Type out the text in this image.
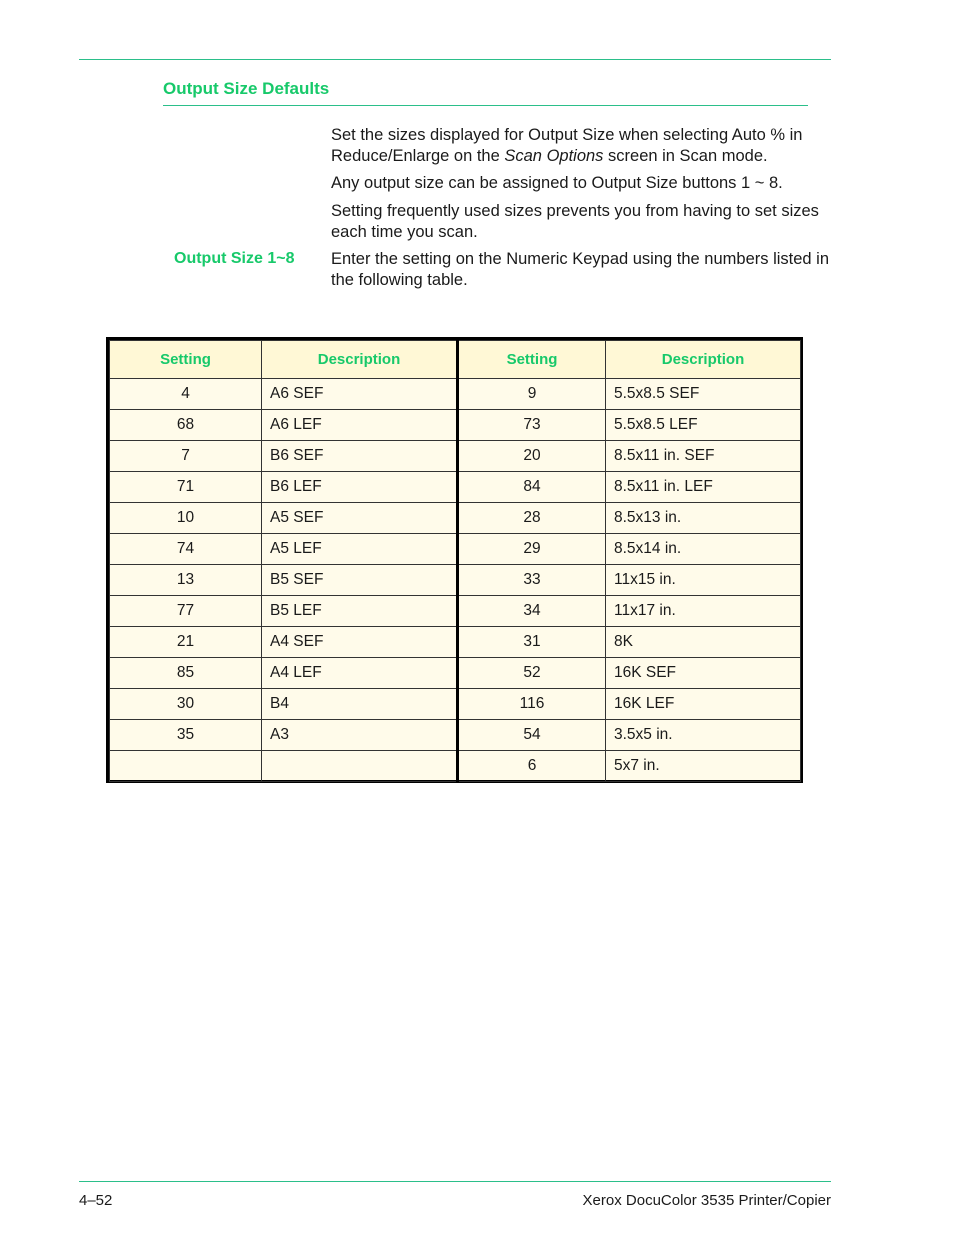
Output Size Defaults
Set the sizes displayed for Output Size when selecting Auto % in Reduce/Enlarge on the Scan Options screen in Scan mode.
Any output size can be assigned to Output Size buttons 1 ~ 8.
Setting frequently used sizes prevents you from having to set sizes each time you scan.
Output Size 1~8 Enter the setting on the Numeric Keypad using the numbers listed in the following table.
Setting	Description	Setting	Description
4	A6 SEF	9	5.5x8.5 SEF
68	A6 LEF	73	5.5x8.5 LEF
7	B6 SEF	20	8.5x11 in. SEF
71	B6 LEF	84	8.5x11 in. LEF
10	A5 SEF	28	8.5x13 in.
74	A5 LEF	29	8.5x14 in.
13	B5 SEF	33	11x15 in.
77	B5 LEF	34	11x17 in.
21	A4 SEF	31	8K
85	A4 LEF	52	16K SEF
30	B4	116	16K LEF
35	A3	54	3.5x5 in.
		6	5x7 in.
4–52	Xerox DocuColor 3535 Printer/Copier
